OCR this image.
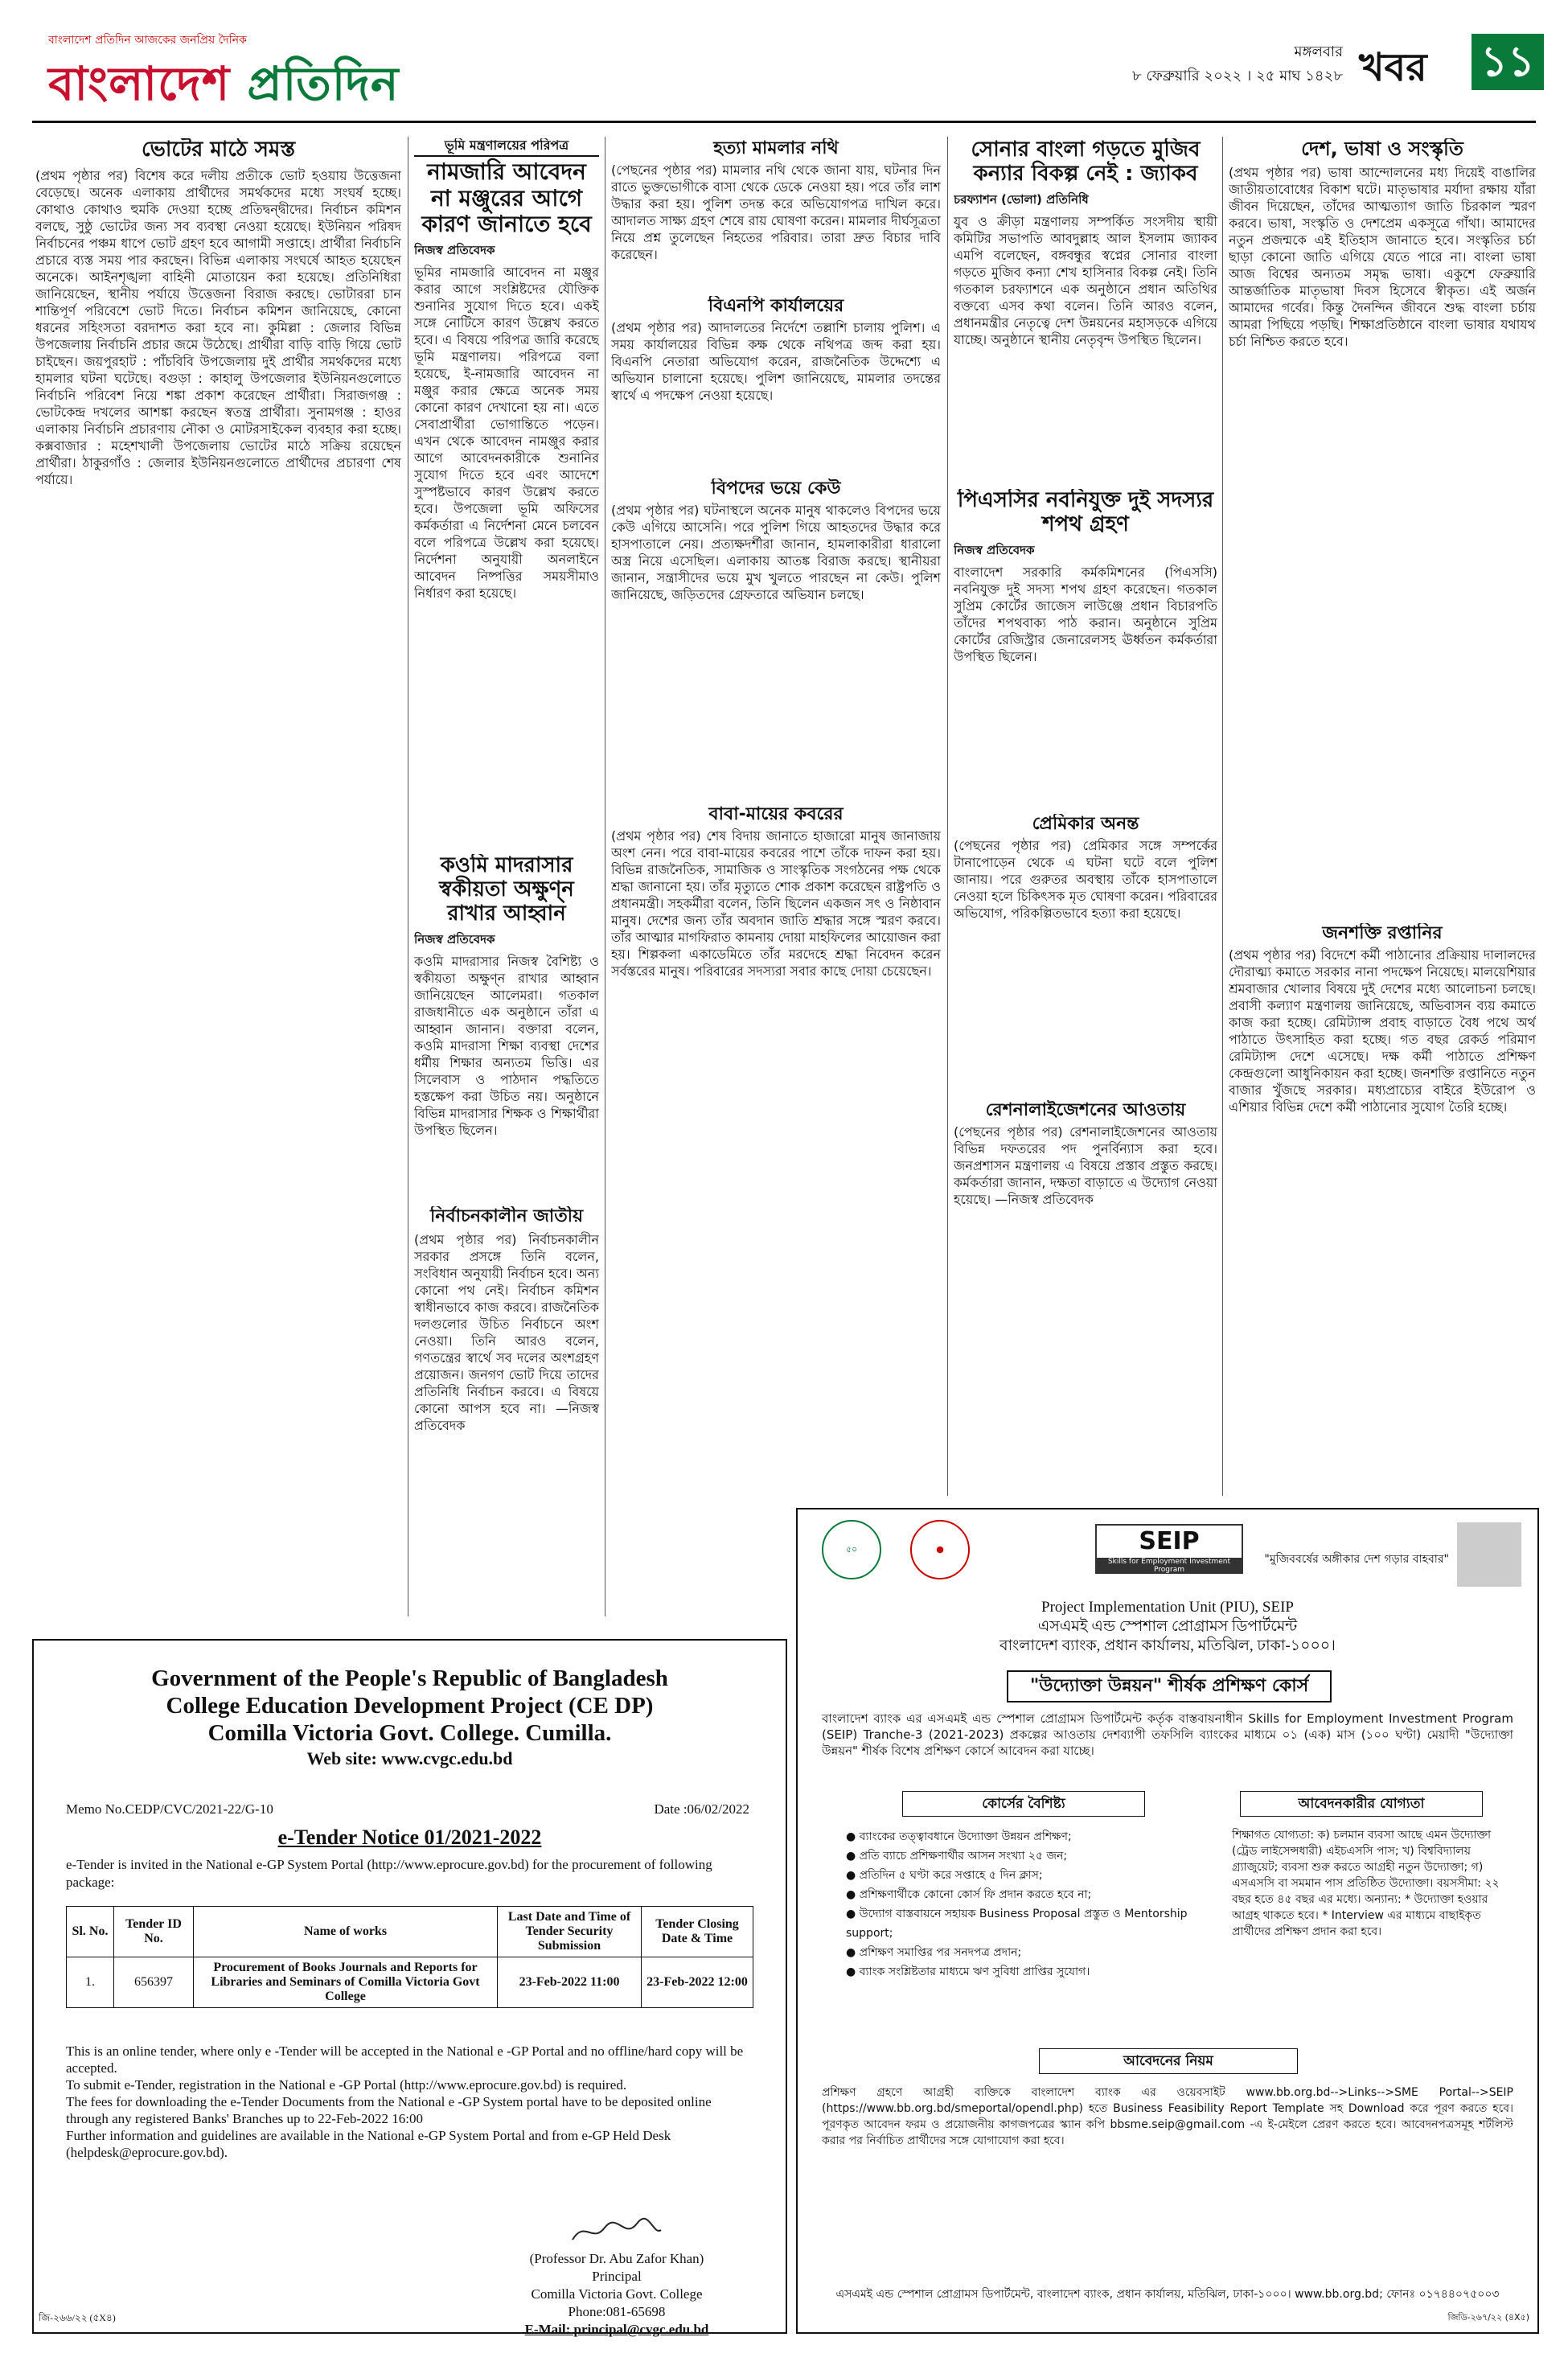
বাংলাদেশ প্রতিদিন আজকের জনপ্রিয় দৈনিক
বাংলাদেশ প্রতিদিন
মঙ্গলবার
৮ ফেব্রুয়ারি ২০২২ । ২৫ মাঘ ১৪২৮ খবর ১১
ভোটের মাঠে সমস্ত

(প্রথম পৃষ্ঠার পর) বিশেষ করে দলীয় প্রতীকে ভোট হওয়ায় উত্তেজনা বেড়েছে। অনেক এলাকায় প্রার্থীদের সমর্থকদের মধ্যে সংঘর্ষ হচ্ছে। কোথাও কোথাও হুমকি দেওয়া হচ্ছে প্রতিদ্বন্দ্বীদের। নির্বাচন কমিশন বলছে, সুষ্ঠু ভোটের জন্য সব ব্যবস্থা নেওয়া হয়েছে। ইউনিয়ন পরিষদ নির্বাচনের পঞ্চম ধাপে ভোট গ্রহণ হবে আগামী সপ্তাহে। প্রার্থীরা নির্বাচনি প্রচারে ব্যস্ত সময় পার করছেন। বিভিন্ন এলাকায় সংঘর্ষে আহত হয়েছেন অনেকে। আইনশৃঙ্খলা বাহিনী মোতায়েন করা হয়েছে। প্রতিনিধিরা জানিয়েছেন, স্থানীয় পর্যায়ে উত্তেজনা বিরাজ করছে। ভোটাররা চান শান্তিপূর্ণ পরিবেশে ভোট দিতে। নির্বাচন কমিশন জানিয়েছে, কোনো ধরনের সহিংসতা বরদাশত করা হবে না। কুমিল্লা : জেলার বিভিন্ন উপজেলায় নির্বাচনি প্রচার জমে উঠেছে। প্রার্থীরা বাড়ি বাড়ি গিয়ে ভোট চাইছেন। জয়পুরহাট : পাঁচবিবি উপজেলায় দুই প্রার্থীর সমর্থকদের মধ্যে হামলার ঘটনা ঘটেছে। বগুড়া : কাহালু উপজেলার ইউনিয়নগুলোতে নির্বাচনি পরিবেশ নিয়ে শঙ্কা প্রকাশ করেছেন প্রার্থীরা। সিরাজগঞ্জ : ভোটকেন্দ্র দখলের আশঙ্কা করছেন স্বতন্ত্র প্রার্থীরা। সুনামগঞ্জ : হাওর এলাকায় নির্বাচনি প্রচারণায় নৌকা ও মোটরসাইকেল ব্যবহার করা হচ্ছে। কক্সবাজার : মহেশখালী উপজেলায় ভোটের মাঠে সক্রিয় রয়েছেন প্রার্থীরা। ঠাকুরগাঁও : জেলার ইউনিয়নগুলোতে প্রার্থীদের প্রচারণা শেষ পর্যায়ে।

ভূমি মন্ত্রণালয়ের পরিপত্র
নামজারি আবেদন না মঞ্জুরের আগে কারণ জানাতে হবে
নিজস্ব প্রতিবেদক

ভূমির নামজারি আবেদন না মঞ্জুর করার আগে সংশ্লিষ্টদের যৌক্তিক শুনানির সুযোগ দিতে হবে। একই সঙ্গে নোটিসে কারণ উল্লেখ করতে হবে। এ বিষয়ে পরিপত্র জারি করেছে ভূমি মন্ত্রণালয়। পরিপত্রে বলা হয়েছে, ই-নামজারি আবেদন না মঞ্জুর করার ক্ষেত্রে অনেক সময় কোনো কারণ দেখানো হয় না। এতে সেবাপ্রার্থীরা ভোগান্তিতে পড়েন। এখন থেকে আবেদন নামঞ্জুর করার আগে আবেদনকারীকে শুনানির সুযোগ দিতে হবে এবং আদেশে সুস্পষ্টভাবে কারণ উল্লেখ করতে হবে। উপজেলা ভূমি অফিসের কর্মকর্তারা এ নির্দেশনা মেনে চলবেন বলে পরিপত্রে উল্লেখ করা হয়েছে। নির্দেশনা অনুযায়ী অনলাইনে আবেদন নিষ্পত্তির সময়সীমাও নির্ধারণ করা হয়েছে।

কওমি মাদরাসার স্বকীয়তা অক্ষুণ্ন রাখার আহ্বান
নিজস্ব প্রতিবেদক

কওমি মাদরাসার নিজস্ব বৈশিষ্ট্য ও স্বকীয়তা অক্ষুণ্ন রাখার আহ্বান জানিয়েছেন আলেমরা। গতকাল রাজধানীতে এক অনুষ্ঠানে তাঁরা এ আহ্বান জানান। বক্তারা বলেন, কওমি মাদরাসা শিক্ষা ব্যবস্থা দেশের ধর্মীয় শিক্ষার অন্যতম ভিত্তি। এর সিলেবাস ও পাঠদান পদ্ধতিতে হস্তক্ষেপ করা উচিত নয়। অনুষ্ঠানে বিভিন্ন মাদরাসার শিক্ষক ও শিক্ষার্থীরা উপস্থিত ছিলেন।

নির্বাচনকালীন জাতীয়

(প্রথম পৃষ্ঠার পর) নির্বাচনকালীন সরকার প্রসঙ্গে তিনি বলেন, সংবিধান অনুযায়ী নির্বাচন হবে। অন্য কোনো পথ নেই। নির্বাচন কমিশন স্বাধীনভাবে কাজ করবে। রাজনৈতিক দলগুলোর উচিত নির্বাচনে অংশ নেওয়া। তিনি আরও বলেন, গণতন্ত্রের স্বার্থে সব দলের অংশগ্রহণ প্রয়োজন। জনগণ ভোট দিয়ে তাদের প্রতিনিধি নির্বাচন করবে। এ বিষয়ে কোনো আপস হবে না। —নিজস্ব প্রতিবেদক

হত্যা মামলার নথি

(পেছনের পৃষ্ঠার পর) মামলার নথি থেকে জানা যায়, ঘটনার দিন রাতে ভুক্তভোগীকে বাসা থেকে ডেকে নেওয়া হয়। পরে তাঁর লাশ উদ্ধার করা হয়। পুলিশ তদন্ত করে অভিযোগপত্র দাখিল করে। আদালত সাক্ষ্য গ্রহণ শেষে রায় ঘোষণা করেন। মামলার দীর্ঘসূত্রতা নিয়ে প্রশ্ন তুলেছেন নিহতের পরিবার। তারা দ্রুত বিচার দাবি করেছেন।

বিএনপি কার্যালয়ের

(প্রথম পৃষ্ঠার পর) আদালতের নির্দেশে তল্লাশি চালায় পুলিশ। এ সময় কার্যালয়ের বিভিন্ন কক্ষ থেকে নথিপত্র জব্দ করা হয়। বিএনপি নেতারা অভিযোগ করেন, রাজনৈতিক উদ্দেশ্যে এ অভিযান চালানো হয়েছে। পুলিশ জানিয়েছে, মামলার তদন্তের স্বার্থে এ পদক্ষেপ নেওয়া হয়েছে।

বিপদের ভয়ে কেউ

(প্রথম পৃষ্ঠার পর) ঘটনাস্থলে অনেক মানুষ থাকলেও বিপদের ভয়ে কেউ এগিয়ে আসেনি। পরে পুলিশ গিয়ে আহতদের উদ্ধার করে হাসপাতালে নেয়। প্রত্যক্ষদর্শীরা জানান, হামলাকারীরা ধারালো অস্ত্র নিয়ে এসেছিল। এলাকায় আতঙ্ক বিরাজ করছে। স্থানীয়রা জানান, সন্ত্রাসীদের ভয়ে মুখ খুলতে পারছেন না কেউ। পুলিশ জানিয়েছে, জড়িতদের গ্রেফতারে অভিযান চলছে।

বাবা-মায়ের কবরের

(প্রথম পৃষ্ঠার পর) শেষ বিদায় জানাতে হাজারো মানুষ জানাজায় অংশ নেন। পরে বাবা-মায়ের কবরের পাশে তাঁকে দাফন করা হয়। বিভিন্ন রাজনৈতিক, সামাজিক ও সাংস্কৃতিক সংগঠনের পক্ষ থেকে শ্রদ্ধা জানানো হয়। তাঁর মৃত্যুতে শোক প্রকাশ করেছেন রাষ্ট্রপতি ও প্রধানমন্ত্রী। সহকর্মীরা বলেন, তিনি ছিলেন একজন সৎ ও নিষ্ঠাবান মানুষ। দেশের জন্য তাঁর অবদান জাতি শ্রদ্ধার সঙ্গে স্মরণ করবে। তাঁর আত্মার মাগফিরাত কামনায় দোয়া মাহফিলের আয়োজন করা হয়। শিল্পকলা একাডেমিতে তাঁর মরদেহে শ্রদ্ধা নিবেদন করেন সর্বস্তরের মানুষ। পরিবারের সদস্যরা সবার কাছে দোয়া চেয়েছেন।

সোনার বাংলা গড়তে মুজিব কন্যার বিকল্প নেই : জ্যাকব
চরফ্যাশন (ভোলা) প্রতিনিধি

যুব ও ক্রীড়া মন্ত্রণালয় সম্পর্কিত সংসদীয় স্থায়ী কমিটির সভাপতি আবদুল্লাহ আল ইসলাম জ্যাকব এমপি বলেছেন, বঙ্গবন্ধুর স্বপ্নের সোনার বাংলা গড়তে মুজিব কন্যা শেখ হাসিনার বিকল্প নেই। তিনি গতকাল চরফ্যাশনে এক অনুষ্ঠানে প্রধান অতিথির বক্তব্যে এসব কথা বলেন। তিনি আরও বলেন, প্রধানমন্ত্রীর নেতৃত্বে দেশ উন্নয়নের মহাসড়কে এগিয়ে যাচ্ছে। অনুষ্ঠানে স্থানীয় নেতৃবৃন্দ উপস্থিত ছিলেন।

পিএসসির নবনিযুক্ত দুই সদস্যর শপথ গ্রহণ
নিজস্ব প্রতিবেদক

বাংলাদেশ সরকারি কর্মকমিশনের (পিএসসি) নবনিযুক্ত দুই সদস্য শপথ গ্রহণ করেছেন। গতকাল সুপ্রিম কোর্টের জাজেস লাউঞ্জে প্রধান বিচারপতি তাঁদের শপথবাক্য পাঠ করান। অনুষ্ঠানে সুপ্রিম কোর্টের রেজিস্ট্রার জেনারেলসহ ঊর্ধ্বতন কর্মকর্তারা উপস্থিত ছিলেন।

প্রেমিকার অনন্ত

(পেছনের পৃষ্ঠার পর) প্রেমিকার সঙ্গে সম্পর্কের টানাপোড়েন থেকে এ ঘটনা ঘটে বলে পুলিশ জানায়। পরে গুরুতর অবস্থায় তাঁকে হাসপাতালে নেওয়া হলে চিকিৎসক মৃত ঘোষণা করেন। পরিবারের অভিযোগ, পরিকল্পিতভাবে হত্যা করা হয়েছে।

রেশনালাইজেশনের আওতায়

(পেছনের পৃষ্ঠার পর) রেশনালাইজেশনের আওতায় বিভিন্ন দফতরের পদ পুনর্বিন্যাস করা হবে। জনপ্রশাসন মন্ত্রণালয় এ বিষয়ে প্রস্তাব প্রস্তুত করছে। কর্মকর্তারা জানান, দক্ষতা বাড়াতে এ উদ্যোগ নেওয়া হয়েছে। —নিজস্ব প্রতিবেদক

দেশ, ভাষা ও সংস্কৃতি

(প্রথম পৃষ্ঠার পর) ভাষা আন্দোলনের মধ্য দিয়েই বাঙালির জাতীয়তাবোধের বিকাশ ঘটে। মাতৃভাষার মর্যাদা রক্ষায় যাঁরা জীবন দিয়েছেন, তাঁদের আত্মত্যাগ জাতি চিরকাল স্মরণ করবে। ভাষা, সংস্কৃতি ও দেশপ্রেম একসূত্রে গাঁথা। আমাদের নতুন প্রজন্মকে এই ইতিহাস জানাতে হবে। সংস্কৃতির চর্চা ছাড়া কোনো জাতি এগিয়ে যেতে পারে না। বাংলা ভাষা আজ বিশ্বের অন্যতম সমৃদ্ধ ভাষা। একুশে ফেব্রুয়ারি আন্তর্জাতিক মাতৃভাষা দিবস হিসেবে স্বীকৃত। এই অর্জন আমাদের গর্বের। কিন্তু দৈনন্দিন জীবনে শুদ্ধ বাংলা চর্চায় আমরা পিছিয়ে পড়ছি। শিক্ষাপ্রতিষ্ঠানে বাংলা ভাষার যথাযথ চর্চা নিশ্চিত করতে হবে।

জনশক্তি রপ্তানির

(প্রথম পৃষ্ঠার পর) বিদেশে কর্মী পাঠানোর প্রক্রিয়ায় দালালদের দৌরাত্ম্য কমাতে সরকার নানা পদক্ষেপ নিয়েছে। মালয়েশিয়ার শ্রমবাজার খোলার বিষয়ে দুই দেশের মধ্যে আলোচনা চলছে। প্রবাসী কল্যাণ মন্ত্রণালয় জানিয়েছে, অভিবাসন ব্যয় কমাতে কাজ করা হচ্ছে। রেমিট্যান্স প্রবাহ বাড়াতে বৈধ পথে অর্থ পাঠাতে উৎসাহিত করা হচ্ছে। গত বছর রেকর্ড পরিমাণ রেমিট্যান্স দেশে এসেছে। দক্ষ কর্মী পাঠাতে প্রশিক্ষণ কেন্দ্রগুলো আধুনিকায়ন করা হচ্ছে। জনশক্তি রপ্তানিতে নতুন বাজার খুঁজছে সরকার। মধ্যপ্রাচ্যের বাইরে ইউরোপ ও এশিয়ার বিভিন্ন দেশে কর্মী পাঠানোর সুযোগ তৈরি হচ্ছে।

Government of the People's Republic of Bangladesh
College Education Development Project (CE DP)
Comilla Victoria Govt. College. Cumilla.
Web site: www.cvgc.edu.bd
Memo No.CEDP/CVC/2021-22/G-10	Date :06/02/2022
e-Tender Notice 01/2021-2022
e-Tender is invited in the National e-GP System Portal (http://www.eprocure.gov.bd) for the procurement of following package:
Sl. No.	Tender ID No.	Name of works	Last Date and Time of Tender Security Submission	Tender Closing Date & Time
1.	656397	Procurement of Books Journals and Reports for Libraries and Seminars of Comilla Victoria Govt College	23-Feb-2022 11:00	23-Feb-2022 12:00
This is an online tender, where only e -Tender will be accepted in the National e -GP Portal and no offline/hard copy will be accepted.
To submit e-Tender, registration in the National e -GP Portal (http://www.eprocure.gov.bd) is required.
The fees for downloading the e-Tender Documents from the National e -GP System portal have to be deposited online through any registered Banks' Branches up to 22-Feb-2022 16:00
Further information and guidelines are available in the National e-GP System Portal and from e-GP Held Desk (helpdesk@eprocure.gov.bd).
(Professor Dr. Abu Zafor Khan)
Principal
Comilla Victoria Govt. College
Phone:081-65698
E-Mail: principal@cvgc.edu.bd
জি-২৬৬/২২ (৫X৪)
৫০	●	SEIP
Skills for Employment Investment Program
"মুজিববর্ষের অঙ্গীকার দেশ গড়ার বাহবার"
Project Implementation Unit (PIU), SEIP
এসএমই এন্ড স্পেশাল প্রোগ্রামস ডিপার্টমেন্ট
বাংলাদেশ ব্যাংক, প্রধান কার্যালয়, মতিঝিল, ঢাকা-১০০০।
"উদ্যোক্তা উন্নয়ন" শীর্ষক প্রশিক্ষণ কোর্স
বাংলাদেশ ব্যাংক এর এসএমই এন্ড স্পেশাল প্রোগ্রামস ডিপার্টমেন্ট কর্তৃক বাস্তবায়নাধীন Skills for Employment Investment Program (SEIP) Tranche-3 (2021-2023) প্রকল্পের আওতায় দেশব্যাপী তফসিলি ব্যাংকের মাধ্যমে ০১ (এক) মাস (১০০ ঘণ্টা) মেয়াদী "উদ্যোক্তা উন্নয়ন" শীর্ষক বিশেষ প্রশিক্ষণ কোর্সে আবেদন করা যাচ্ছে।
কোর্সের বৈশিষ্ট্য	আবেদনকারীর যোগ্যতা
● ব্যাংকের তত্ত্বাবধানে উদ্যোক্তা উন্নয়ন প্রশিক্ষণ;
● প্রতি ব্যাচে প্রশিক্ষণার্থীর আসন সংখ্যা ২৫ জন;
● প্রতিদিন ৫ ঘণ্টা করে সপ্তাহে ৫ দিন ক্লাস;
● প্রশিক্ষণার্থীকে কোনো কোর্স ফি প্রদান করতে হবে না;
● উদ্যোগ বাস্তবায়নে সহায়ক Business Proposal প্রস্তুত ও Mentorship support;
● প্রশিক্ষণ সমাপ্তির পর সনদপত্র প্রদান;
● ব্যাংক সংশ্লিষ্টতার মাধ্যমে ঋণ সুবিধা প্রাপ্তির সুযোগ।
শিক্ষাগত যোগ্যতা: ক) চলমান ব্যবসা আছে এমন উদ্যোক্তা (ট্রেড লাইসেন্সধারী) এইচএসসি পাস; খ) বিশ্ববিদ্যালয় গ্র্যাজুয়েট; ব্যবসা শুরু করতে আগ্রহী নতুন উদ্যোক্তা; গ) এসএসসি বা সমমান পাস প্রতিষ্ঠিত উদ্যোক্তা। বয়সসীমা: ২২ বছর হতে ৪৫ বছর এর মধ্যে। অন্যান্য: * উদ্যোক্তা হওয়ার আগ্রহ থাকতে হবে। * Interview এর মাধ্যমে বাছাইকৃত প্রার্থীদের প্রশিক্ষণ প্রদান করা হবে।
আবেদনের নিয়ম
প্রশিক্ষণ গ্রহণে আগ্রহী ব্যক্তিকে বাংলাদেশ ব্যাংক এর ওয়েবসাইট www.bb.org.bd-->Links-->SME Portal-->SEIP (https://www.bb.org.bd/smeportal/opendl.php) হতে Business Feasibility Report Template সহ Download করে পূরণ করতে হবে। পূরণকৃত আবেদন ফরম ও প্রয়োজনীয় কাগজপত্রের স্ক্যান কপি bbsme.seip@gmail.com -এ ই-মেইলে প্রেরণ করতে হবে। আবেদনপত্রসমূহ শর্টলিস্ট করার পর নির্বাচিত প্রার্থীদের সঙ্গে যোগাযোগ করা হবে।
এসএমই এন্ড স্পেশাল প্রোগ্রামস ডিপার্টমেন্ট, বাংলাদেশ ব্যাংক, প্রধান কার্যালয়, মতিঝিল, ঢাকা-১০০০। www.bb.org.bd; ফোনঃ ০১৭৪৪০৭৫০০৩
জিডি-২৬৭/২২ (৪X৫)
